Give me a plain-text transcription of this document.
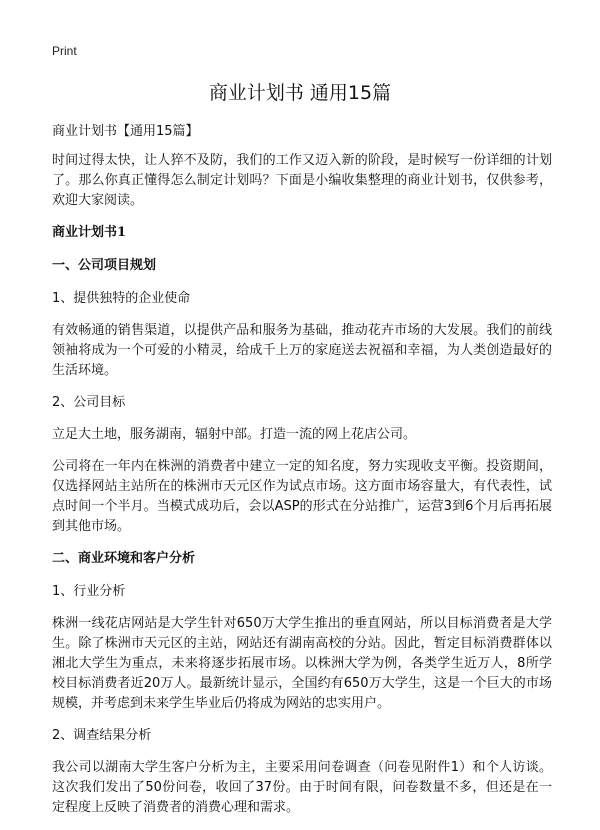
Print
商业计划书 通用15篇
商业计划书【通用15篇】

时间过得太快，让人猝不及防，我们的工作又迈入新的阶段，是时候写一份详细的计划了。那么你真正懂得怎么制定计划吗？下面是小编收集整理的商业计划书，仅供参考，欢迎大家阅读。

商业计划书1
一、公司项目规划
1、提供独特的企业使命

有效畅通的销售渠道，以提供产品和服务为基础，推动花卉市场的大发展。我们的前线领袖将成为一个可爱的小精灵，给成千上万的家庭送去祝福和幸福，为人类创造最好的生活环境。

2、公司目标

立足大土地，服务湖南，辐射中部。打造一流的网上花店公司。

公司将在一年内在株洲的消费者中建立一定的知名度，努力实现收支平衡。投资期间，仅选择网站主站所在的株洲市天元区作为试点市场。这方面市场容量大，有代表性，试点时间一个半月。当模式成功后，会以ASP的形式在分站推广，运营3到6个月后再拓展到其他市场。

二、商业环境和客户分析
1、行业分析

株洲一线花店网站是大学生针对650万大学生推出的垂直网站，所以目标消费者是大学生。除了株洲市天元区的主站，网站还有湖南高校的分站。因此，暂定目标消费群体以湘北大学生为重点，未来将逐步拓展市场。以株洲大学为例，各类学生近万人，8所学校目标消费者近20万人。最新统计显示，全国约有650万大学生，这是一个巨大的市场规模，并考虑到未来学生毕业后仍将成为网站的忠实用户。

2、调查结果分析

我公司以湖南大学生客户分析为主，主要采用问卷调查（问卷见附件1）和个人访谈。这次我们发出了50份问卷，收回了37份。由于时间有限，问卷数量不多，但还是在一定程度上反映了消费者的消费心理和需求。
